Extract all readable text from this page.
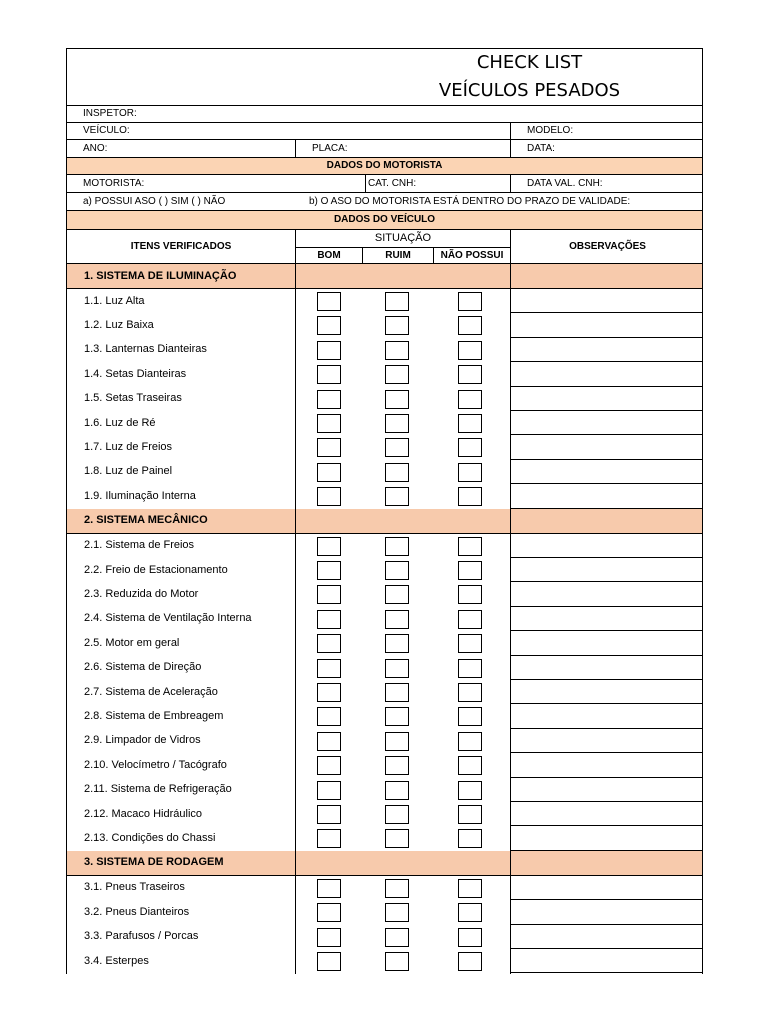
CHECK LIST
VEÍCULOS PESADOS
INSPETOR:
VEÍCULO:	MODELO:
ANO:	PLACA:	DATA:
DADOS DO MOTORISTA
MOTORISTA:	CAT. CNH:	DATA VAL. CNH:
a) POSSUI ASO ( ) SIM ( ) NÃO	b) O ASO DO MOTORISTA ESTÁ DENTRO DO PRAZO DE VALIDADE:
DADOS DO VEÍCULO
ITENS VERIFICADOS
SITUAÇÃO
BOM	RUIM	NÃO POSSUI
OBSERVAÇÕES
1. SISTEMA DE ILUMINAÇÃO
1.1. Luz Alta
1.2. Luz Baixa
1.3. Lanternas Dianteiras
1.4. Setas Dianteiras
1.5. Setas Traseiras
1.6. Luz de Ré
1.7. Luz de Freios
1.8. Luz de Painel
1.9. Iluminação Interna
2. SISTEMA MECÂNICO
2.1. Sistema de Freios
2.2. Freio de Estacionamento
2.3. Reduzida do Motor
2.4. Sistema de Ventilação Interna
2.5. Motor em geral
2.6. Sistema de Direção
2.7. Sistema de Aceleração
2.8. Sistema de Embreagem
2.9. Limpador de Vidros
2.10. Velocímetro / Tacógrafo
2.11. Sistema de Refrigeração
2.12. Macaco Hidráulico
2.13. Condições do Chassi
3. SISTEMA DE RODAGEM
3.1. Pneus Traseiros
3.2. Pneus Dianteiros
3.3. Parafusos / Porcas
3.4. Esterpes
